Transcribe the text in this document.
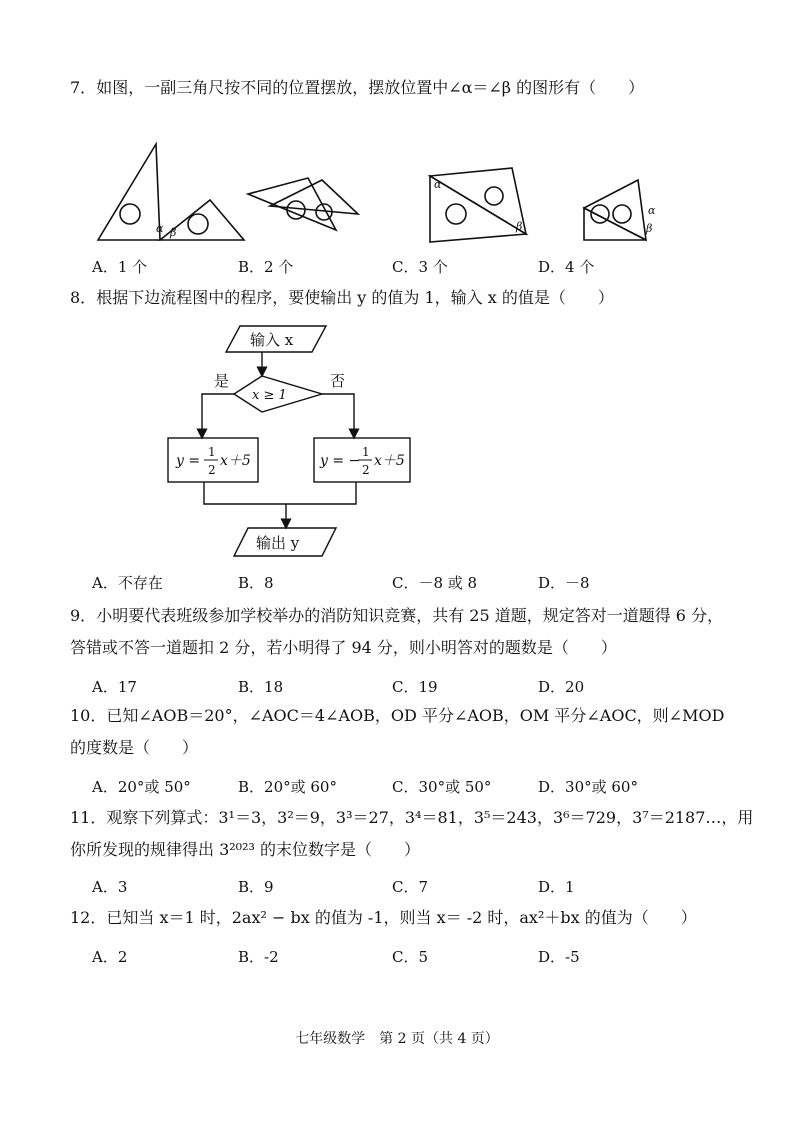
7．如图，一副三角尺按不同的位置摆放，摆放位置中∠α＝∠β 的图形有（　　）
α β
α
β
α
β
A．1 个	B．2 个	C．3 个	D．4 个
8．根据下边流程图中的程序，要使输出 y 的值为 1，输入 x 的值是（　　）
输入 x
x ≥ 1
是	否
y =
1
2
x＋5	y = −
1
2
x＋5
输出 y
A．不存在	B．8	C．－8 或 8	D．－8
9．小明要代表班级参加学校举办的消防知识竞赛，共有 25 道题，规定答对一道题得 6 分，
答错或不答一道题扣 2 分，若小明得了 94 分，则小明答对的题数是（　　）
A．17	B．18	C．19	D．20
10．已知∠AOB＝20°，∠AOC＝4∠AOB，OD 平分∠AOB，OM 平分∠AOC，则∠MOD
的度数是（　　）
A．20°或 50°	B．20°或 60°	C．30°或 50°	D．30°或 60°
11．观察下列算式：3¹＝3，3²＝9，3³＝27，3⁴＝81，3⁵＝243，3⁶＝729，3⁷＝2187…，用
你所发现的规律得出 3²⁰²³ 的末位数字是（　　）
A．3	B．9	C．7	D．1
12．已知当 x＝1 时，2ax² − bx 的值为 -1，则当 x＝ -2 时，ax²＋bx 的值为（　　）
A．2	B．-2	C．5	D．-5
七年级数学　第 2 页（共 4 页）
